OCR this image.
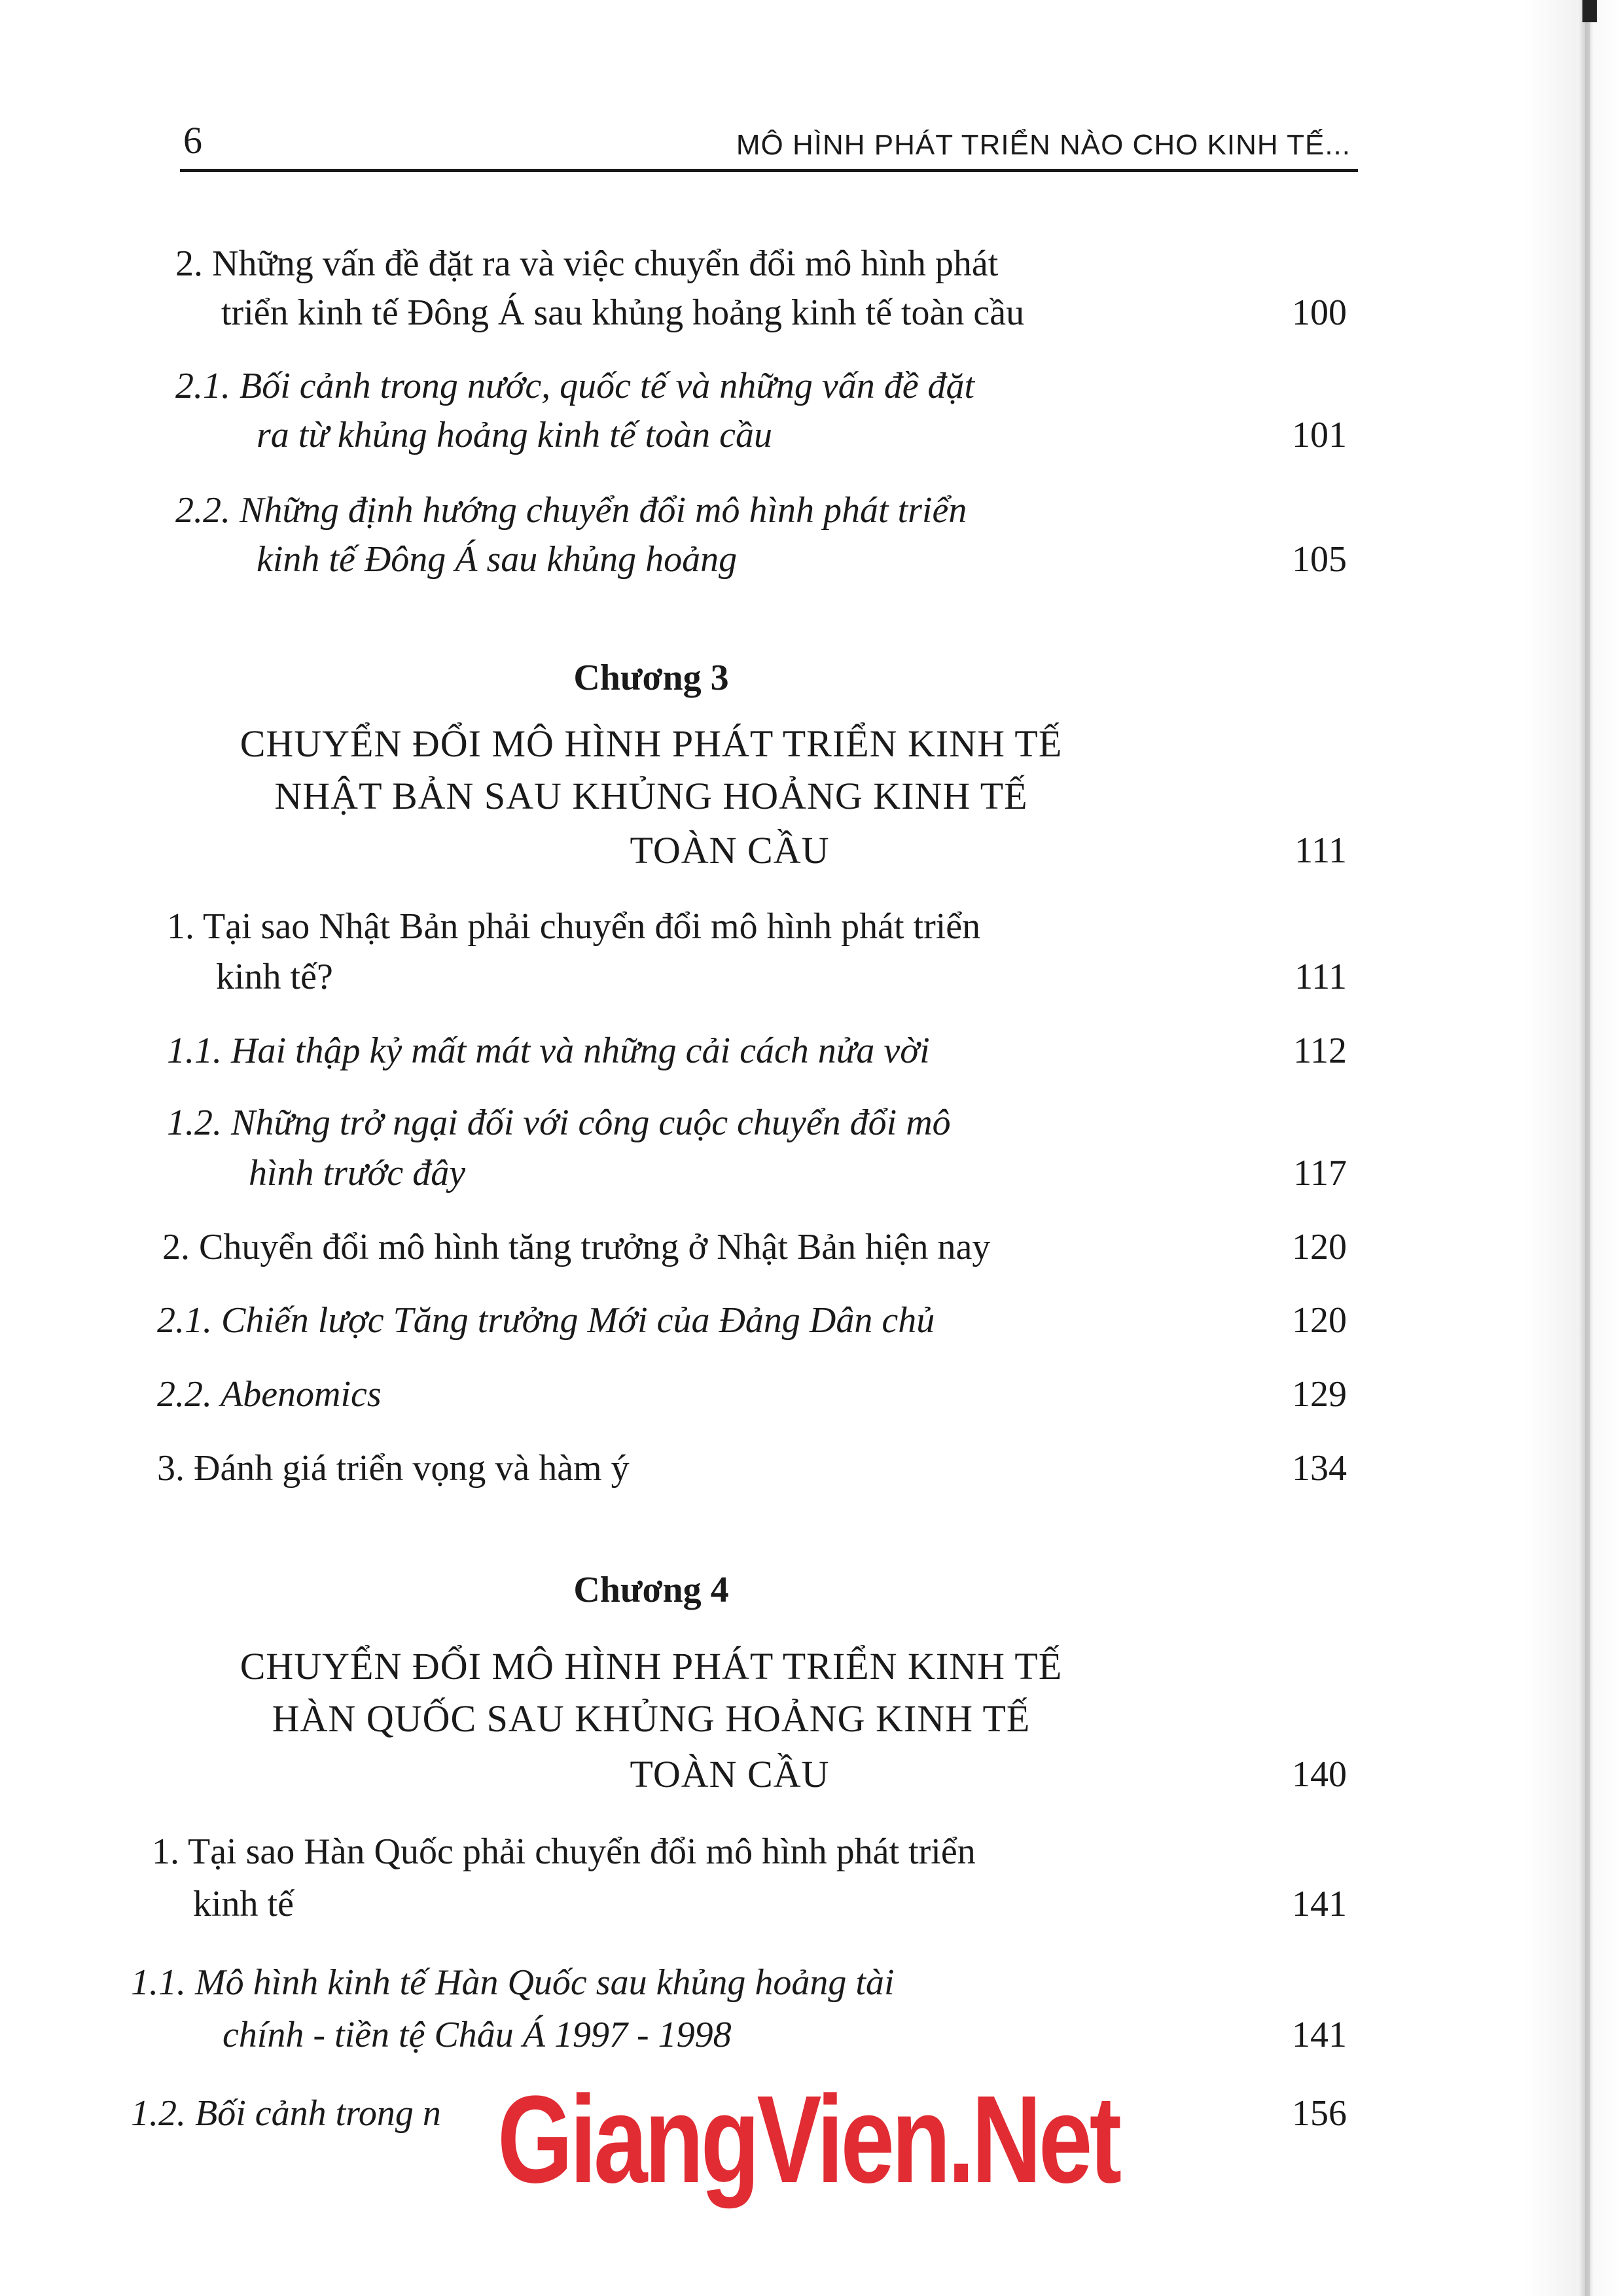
6	MÔ HÌNH PHÁT TRIỂN NÀO CHO KINH TẾ...
2. Những vấn đề đặt ra và việc chuyển đổi mô hình phát
triển kinh tế Đông Á sau khủng hoảng kinh tế toàn cầu	100
2.1. Bối cảnh trong nước, quốc tế và những vấn đề đặt
ra từ khủng hoảng kinh tế toàn cầu	101
2.2. Những định hướng chuyển đổi mô hình phát triển
kinh tế Đông Á sau khủng hoảng	105
Chương 3
CHUYỂN ĐỔI MÔ HÌNH PHÁT TRIỂN KINH TẾ
NHẬT BẢN SAU KHỦNG HOẢNG KINH TẾ
TOÀN CẦU	111
1. Tại sao Nhật Bản phải chuyển đổi mô hình phát triển
kinh tế?	111
1.1. Hai thập kỷ mất mát và những cải cách nửa vời	112
1.2. Những trở ngại đối với công cuộc chuyển đổi mô
hình trước đây	117
2. Chuyển đổi mô hình tăng trưởng ở Nhật Bản hiện nay	120
2.1. Chiến lược Tăng trưởng Mới của Đảng Dân chủ	120
2.2. Abenomics	129
3. Đánh giá triển vọng và hàm ý	134
Chương 4
CHUYỂN ĐỔI MÔ HÌNH PHÁT TRIỂN KINH TẾ
HÀN QUỐC SAU KHỦNG HOẢNG KINH TẾ
TOÀN CẦU	140
1. Tại sao Hàn Quốc phải chuyển đổi mô hình phát triển
kinh tế	141
1.1. Mô hình kinh tế Hàn Quốc sau khủng hoảng tài
chính - tiền tệ Châu Á 1997 - 1998	141
1.2. Bối cảnh trong n	156
GiangVien.Net
